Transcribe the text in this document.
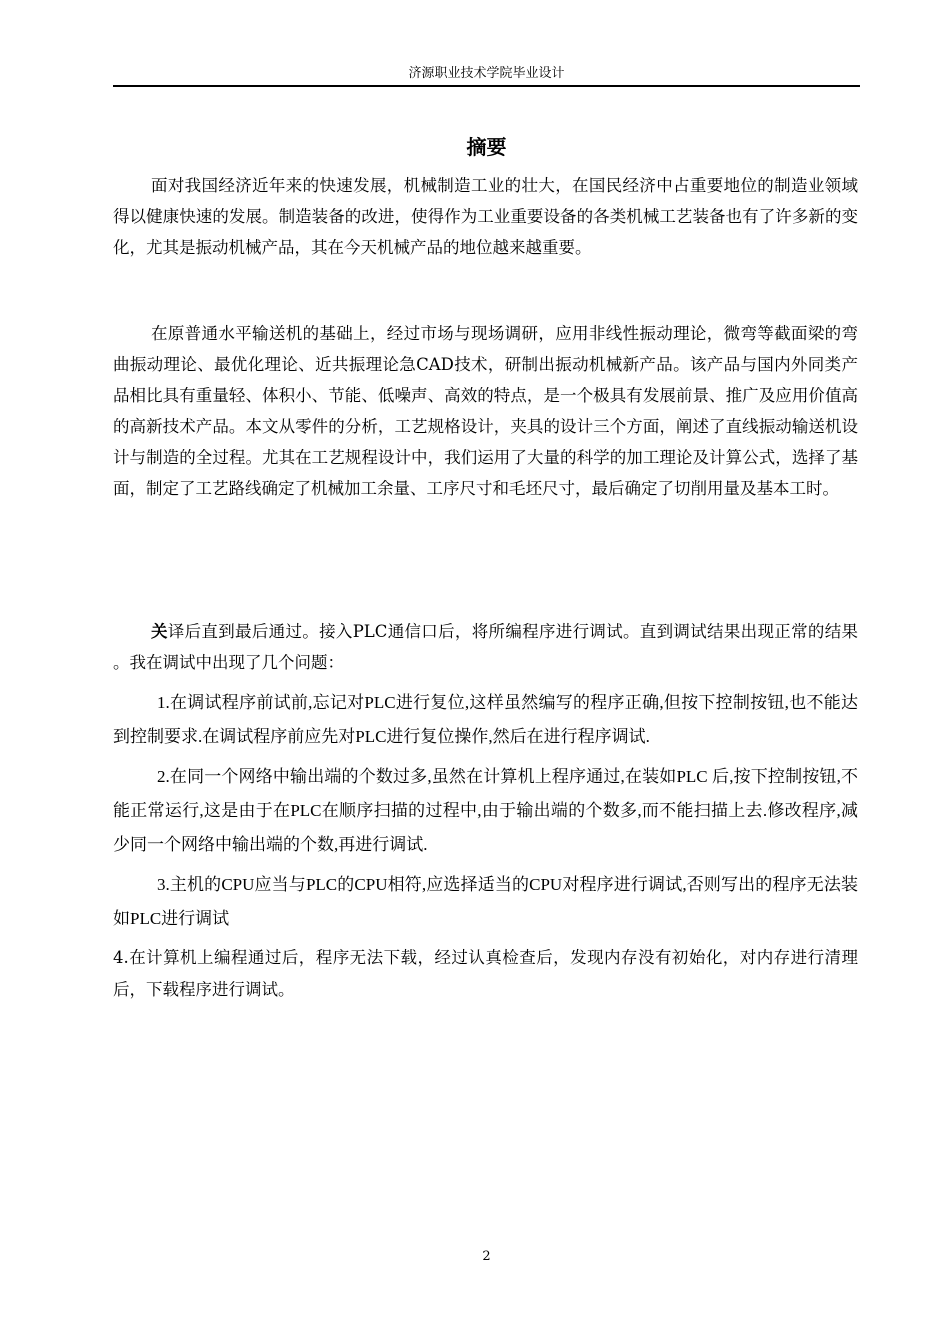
济源职业技术学院毕业设计
摘要

面对我国经济近年来的快速发展，机械制造工业的壮大，在国民经济中占重要地位的制造业领域得以健康快速的发展。制造装备的改进，使得作为工业重要设备的各类机械工艺装备也有了许多新的变化，尤其是振动机械产品，其在今天机械产品的地位越来越重要。

在原普通水平输送机的基础上，经过市场与现场调研，应用非线性振动理论，微弯等截面梁的弯曲振动理论、最优化理论、近共振理论急CAD技术，研制出振动机械新产品。该产品与国内外同类产品相比具有重量轻、体积小、节能、低噪声、高效的特点，是一个极具有发展前景、推广及应用价值高的高新技术产品。本文从零件的分析，工艺规格设计，夹具的设计三个方面，阐述了直线振动输送机设计与制造的全过程。尤其在工艺规程设计中，我们运用了大量的科学的加工理论及计算公式，选择了基面，制定了工艺路线确定了机械加工余量、工序尺寸和毛坯尺寸，最后确定了切削用量及基本工时。

关译后直到最后通过。接入PLC通信口后，将所编程序进行调试。直到调试结果出现正常的结果 。我在调试中出现了几个问题：

1.在调试程序前试前,忘记对PLC进行复位,这样虽然编写的程序正确,但按下控制按钮,也不能达到控制要求.在调试程序前应先对PLC进行复位操作,然后在进行程序调试.

2.在同一个网络中输出端的个数过多,虽然在计算机上程序通过,在装如PLC 后,按下控制按钮,不能正常运行,这是由于在PLC在顺序扫描的过程中,由于输出端的个数多,而不能扫描上去.修改程序,减少同一个网络中输出端的个数,再进行调试.

3.主机的CPU应当与PLC的CPU相符,应选择适当的CPU对程序进行调试,否则写出的程序无法装如PLC进行调试

4.在计算机上编程通过后，程序无法下载，经过认真检查后，发现内存没有初始化，对内存进行清理后，下载程序进行调试。

2
